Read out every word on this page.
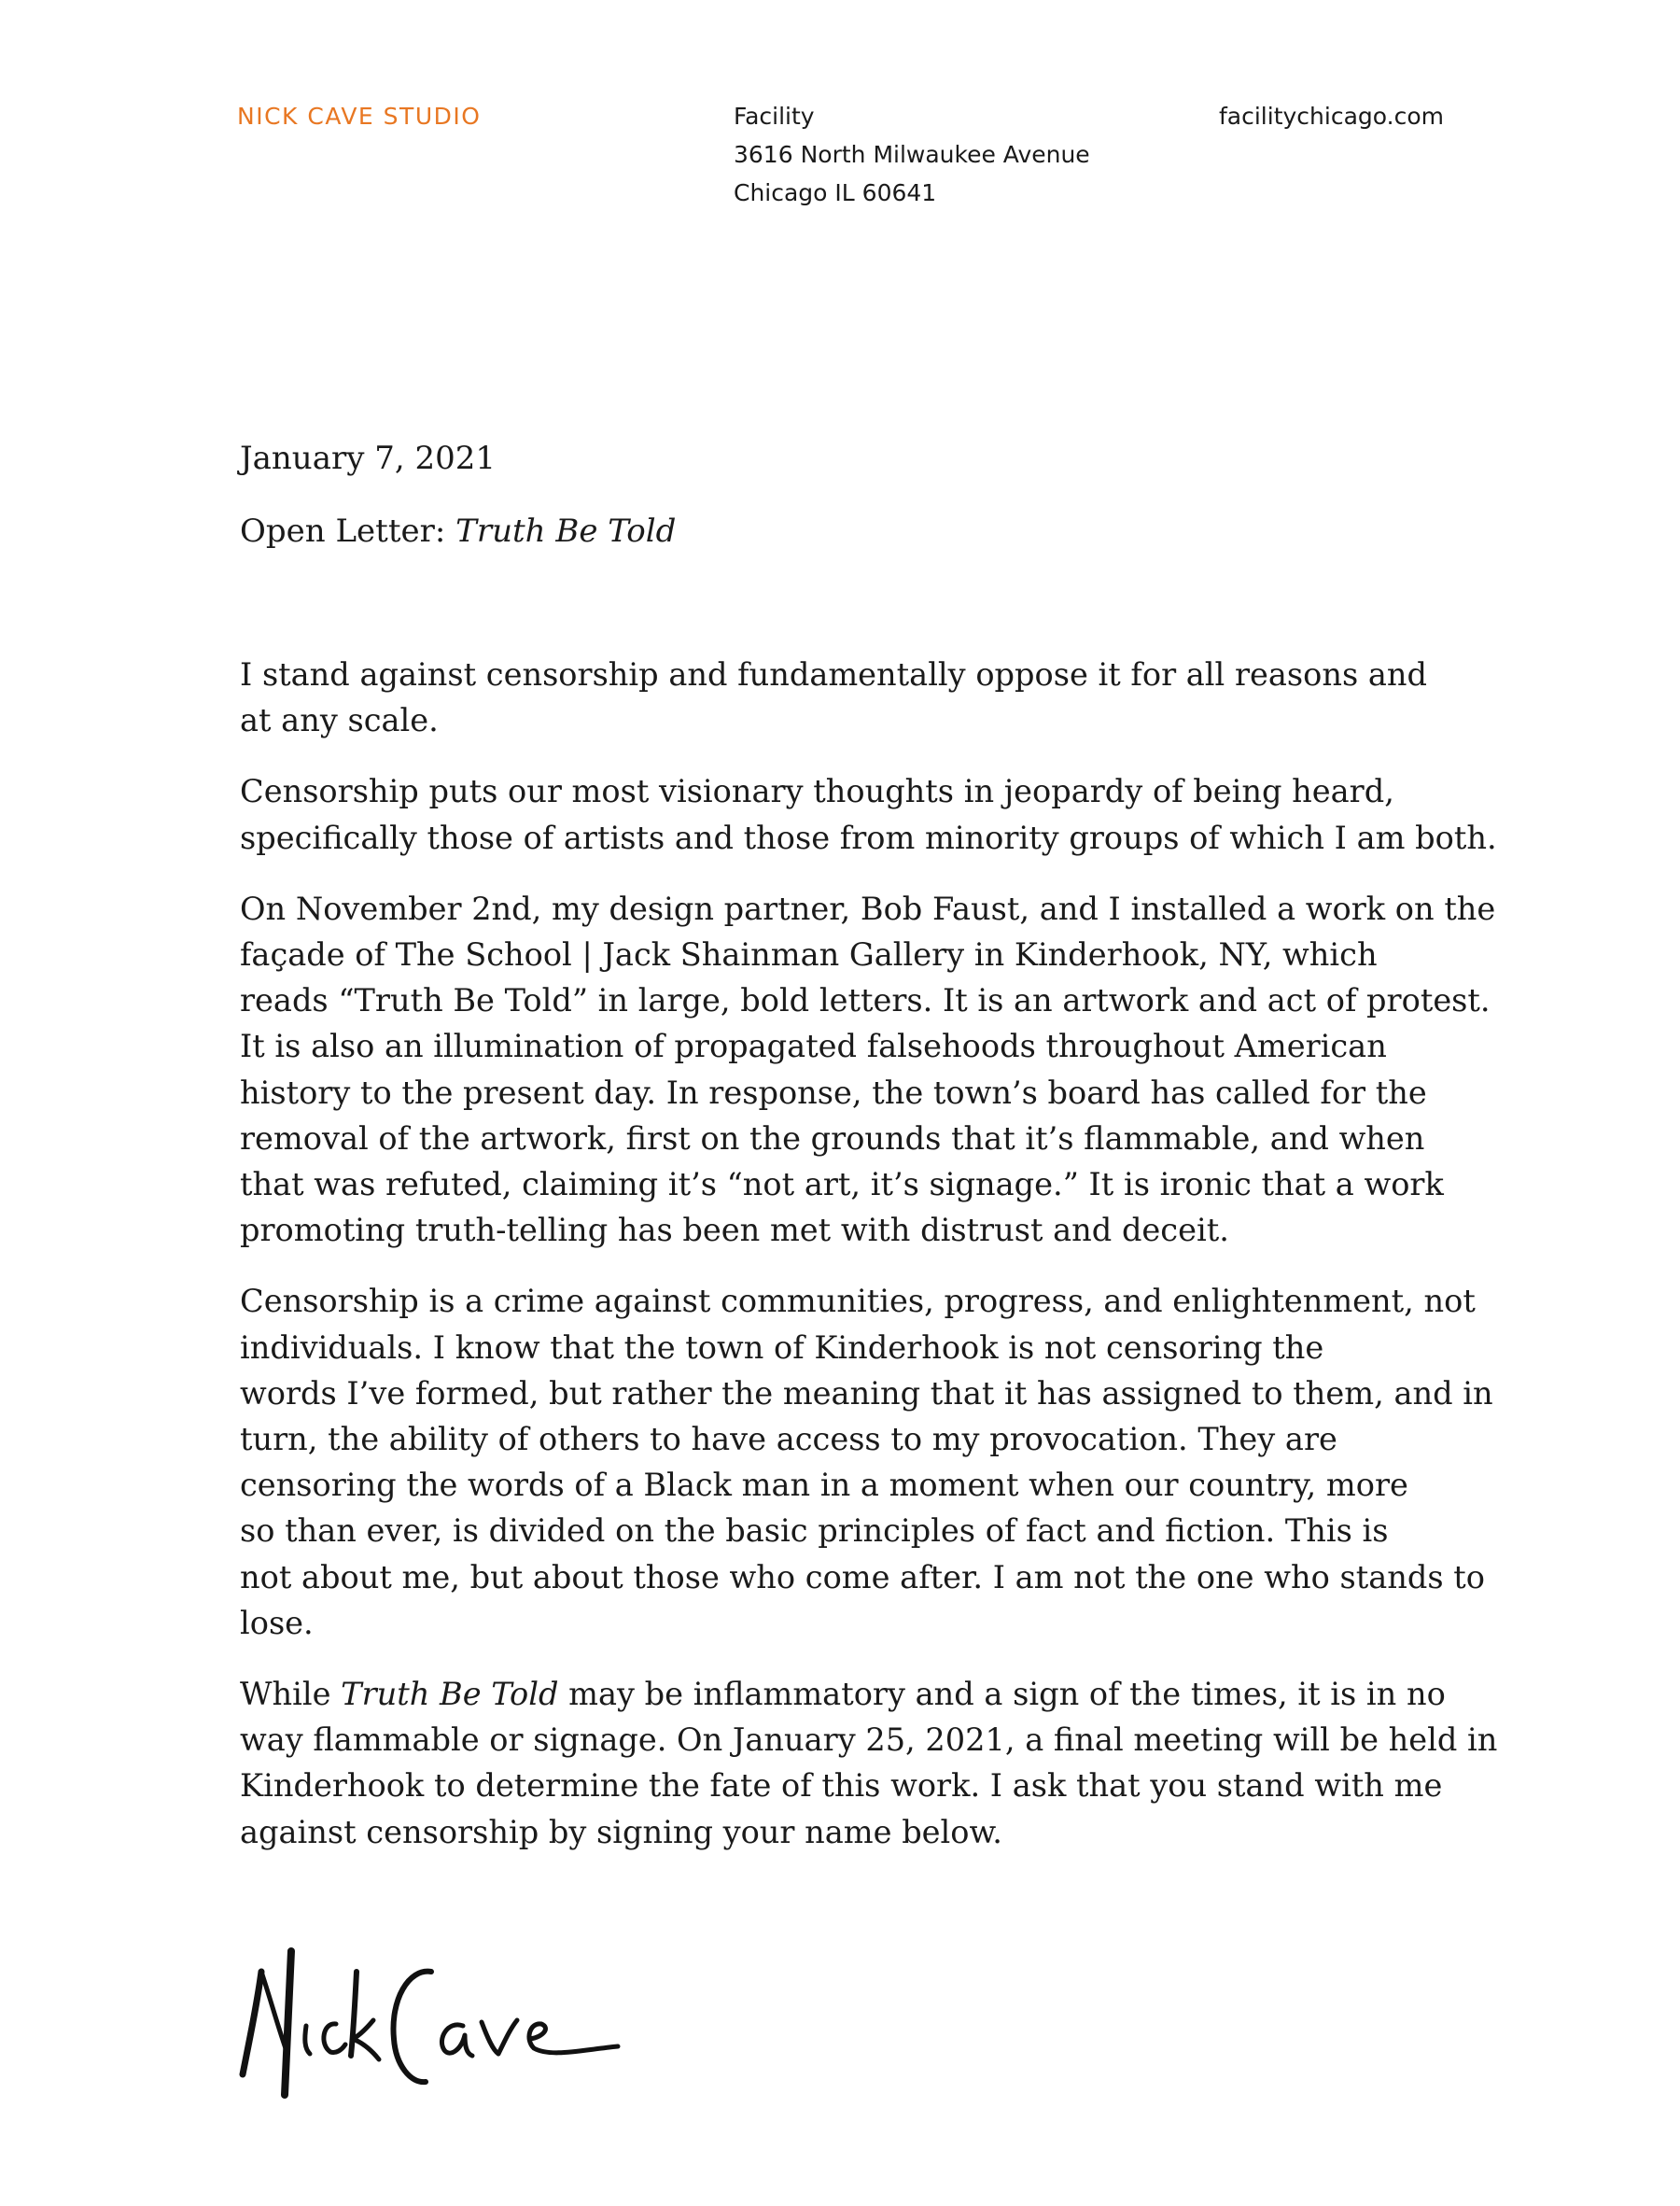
NICK CAVE STUDIO	Facility
3616 North Milwaukee Avenue
Chicago IL 60641
facilitychicago.com

January 7, 2021

Open Letter: Truth Be Told

I stand against censorship and fundamentally oppose it for all reasons and
at any scale.

Censorship puts our most visionary thoughts in jeopardy of being heard,
specifically those of artists and those from minority groups of which I am both.

On November 2nd, my design partner, Bob Faust, and I installed a work on the
façade of The School | Jack Shainman Gallery in Kinderhook, NY, which
reads “Truth Be Told” in large, bold letters. It is an artwork and act of protest.
It is also an illumination of propagated falsehoods throughout American
history to the present day. In response, the town’s board has called for the
removal of the artwork, first on the grounds that it’s flammable, and when
that was refuted, claiming it’s “not art, it’s signage.” It is ironic that a work
promoting truth-telling has been met with distrust and deceit.

Censorship is a crime against communities, progress, and enlightenment, not
individuals. I know that the town of Kinderhook is not censoring the
words I’ve formed, but rather the meaning that it has assigned to them, and in
turn, the ability of others to have access to my provocation. They are
censoring the words of a Black man in a moment when our country, more
so than ever, is divided on the basic principles of fact and fiction. This is
not about me, but about those who come after. I am not the one who stands to
lose.

While Truth Be Told may be inflammatory and a sign of the times, it is in no
way flammable or signage. On January 25, 2021, a final meeting will be held in
Kinderhook to determine the fate of this work. I ask that you stand with me
against censorship by signing your name below.
